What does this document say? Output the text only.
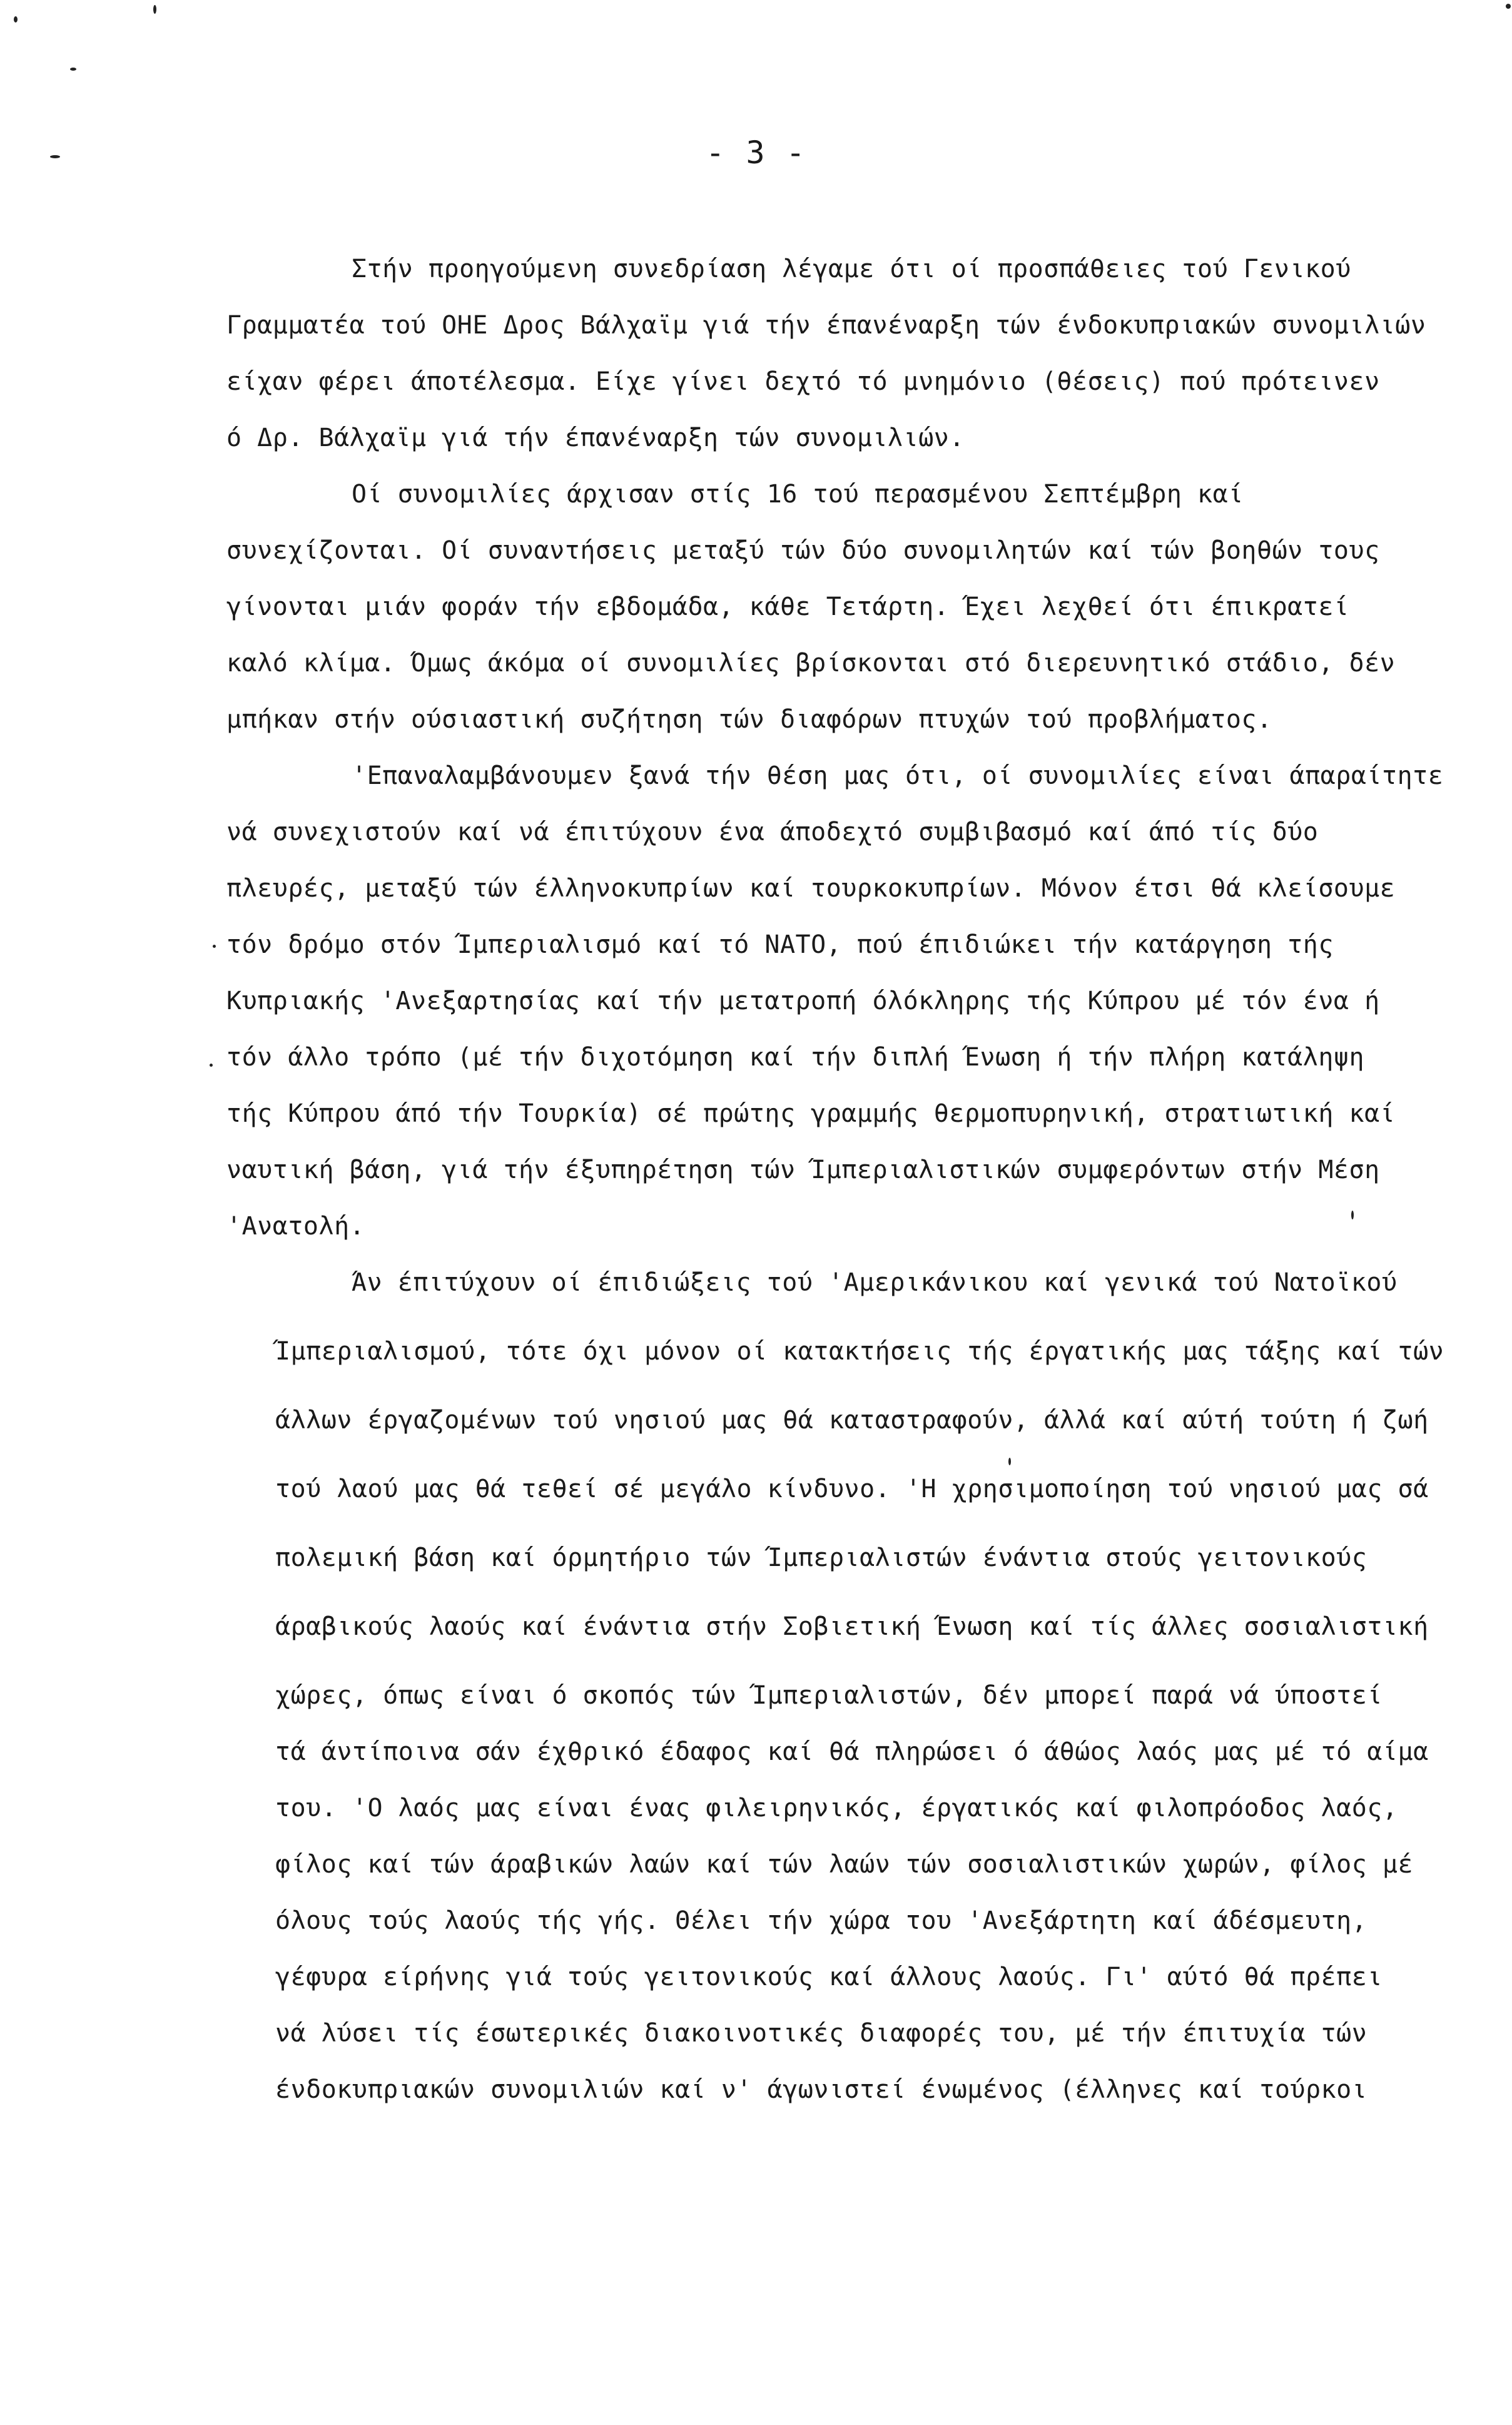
- 3 -
Στήν προηγούμενη συνεδρίαση λέγαμε ότι οί προσπάθειες τού Γενικού
Γραμματέα τού ΟΗΕ Δρος Βάλχαϊμ γιά τήν έπανέναρξη τών ένδοκυπριακών συνομιλιών
είχαν φέρει άποτέλεσμα. Είχε γίνει δεχτό τό μνημόνιο (θέσεις) πού πρότεινεν
ό Δρ. Βάλχαϊμ γιά τήν έπανέναρξη τών συνομιλιών.
Οί συνομιλίες άρχισαν στίς 16 τού περασμένου Σεπτέμβρη καί
συνεχίζονται. Οί συναντήσεις μεταξύ τών δύο συνομιλητών καί τών βοηθών τους
γίνονται μιάν φοράν τήν εβδομάδα, κάθε Τετάρτη. Έχει λεχθεί ότι έπικρατεί
καλό κλίμα. Όμως άκόμα οί συνομιλίες βρίσκονται στό διερευνητικό στάδιο, δέν
μπήκαν στήν ούσιαστική συζήτηση τών διαφόρων πτυχών τού προβλήματος.
'Επαναλαμβάνουμεν ξανά τήν θέση μας ότι, οί συνομιλίες είναι άπαραίτητε
νά συνεχιστούν καί νά έπιτύχουν ένα άποδεχτό συμβιβασμό καί άπό τίς δύο
πλευρές, μεταξύ τών έλληνοκυπρίων καί τουρκοκυπρίων. Μόνον έτσι θά κλείσουμε
τόν δρόμο στόν Ίμπεριαλισμό καί τό ΝΑΤΟ, πού έπιδιώκει τήν κατάργηση τής
Κυπριακής 'Ανεξαρτησίας καί τήν μετατροπή όλόκληρης τής Κύπρου μέ τόν ένα ή
τόν άλλο τρόπο (μέ τήν διχοτόμηση καί τήν διπλή Ένωση ή τήν πλήρη κατάληψη
τής Κύπρου άπό τήν Τουρκία) σέ πρώτης γραμμής θερμοπυρηνική, στρατιωτική καί
ναυτική βάση, γιά τήν έξυπηρέτηση τών Ίμπεριαλιστικών συμφερόντων στήν Μέση
'Ανατολή.
Άν έπιτύχουν οί έπιδιώξεις τού 'Αμερικάνικου καί γενικά τού Νατοϊκού
Ίμπεριαλισμού, τότε όχι μόνον οί κατακτήσεις τής έργατικής μας τάξης καί τών
άλλων έργαζομένων τού νησιού μας θά καταστραφούν, άλλά καί αύτή τούτη ή ζωή
τού λαού μας θά τεθεί σέ μεγάλο κίνδυνο. 'Η χρησιμοποίηση τού νησιού μας σά
πολεμική βάση καί όρμητήριο τών Ίμπεριαλιστών ένάντια στούς γειτονικούς
άραβικούς λαούς καί ένάντια στήν Σοβιετική Ένωση καί τίς άλλες σοσιαλιστική
χώρες, όπως είναι ό σκοπός τών Ίμπεριαλιστών, δέν μπορεί παρά νά ύποστεί
τά άντίποινα σάν έχθρικό έδαφος καί θά πληρώσει ό άθώος λαός μας μέ τό αίμα
του. 'Ο λαός μας είναι ένας φιλειρηνικός, έργατικός καί φιλοπρόοδος λαός,
φίλος καί τών άραβικών λαών καί τών λαών τών σοσιαλιστικών χωρών, φίλος μέ
όλους τούς λαούς τής γής. Θέλει τήν χώρα του 'Ανεξάρτητη καί άδέσμευτη,
γέφυρα είρήνης γιά τούς γειτονικούς καί άλλους λαούς. Γι' αύτό θά πρέπει
νά λύσει τίς έσωτερικές διακοινοτικές διαφορές του, μέ τήν έπιτυχία τών
ένδοκυπριακών συνομιλιών καί ν' άγωνιστεί ένωμένος (έλληνες καί τούρκοι
